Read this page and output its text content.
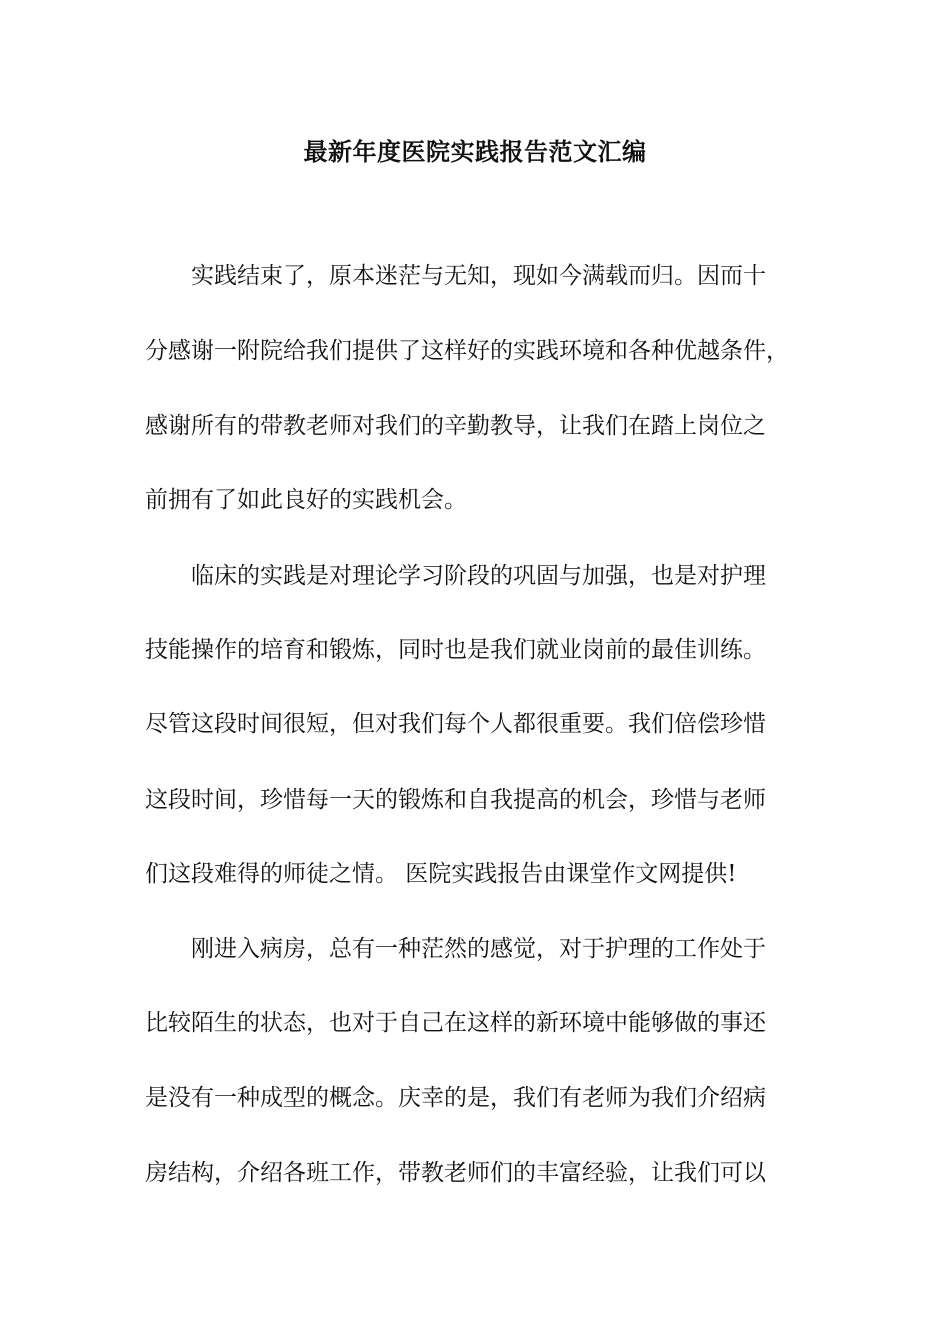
最新年度医院实践报告范文汇编
　　实践结束了，原本迷茫与无知，现如今满载而归。因而十
分感谢一附院给我们提供了这样好的实践环境和各种优越条件，
感谢所有的带教老师对我们的辛勤教导，让我们在踏上岗位之
前拥有了如此良好的实践机会。
　　临床的实践是对理论学习阶段的巩固与加强，也是对护理
技能操作的培育和锻炼，同时也是我们就业岗前的最佳训练。
尽管这段时间很短，但对我们每个人都很重要。我们倍偿珍惜
这段时间，珍惜每一天的锻炼和自我提高的机会，珍惜与老师
们这段难得的师徒之情。 医院实践报告由课堂作文网提供!
　　刚进入病房，总有一种茫然的感觉，对于护理的工作处于
比较陌生的状态，也对于自己在这样的新环境中能够做的事还
是没有一种成型的概念。庆幸的是，我们有老师为我们介绍病
房结构，介绍各班工作，带教老师们的丰富经验，让我们可以
